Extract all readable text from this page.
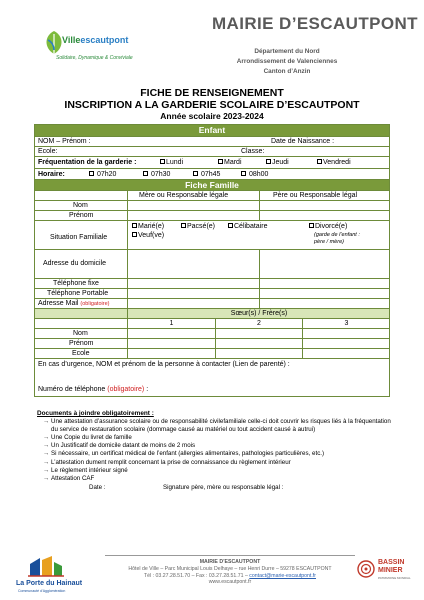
Villeescautpont
Solidaire, Dynamique & Conviviale
MAIRIE D’ESCAUTPONT
Département du Nord
Arrondissement de Valenciennes
Canton d’Anzin
FICHE DE RENSEIGNEMENT
INSCRIPTION A LA GARDERIE SCOLAIRE D’ESCAUTPONT
Année scolaire 2023-2024
Enfant
NOM – Prénom :	Date de Naissance :
Ecole:	Classe:
Fréquentation de la garderie :	Lundi	Mardi	Jeudi	Vendredi
Horaire:	07h20	07h30	07h45	08h00
Fiche Famille
Mère ou Responsable légale	Père ou Responsable légal
Nom
Prénom
Situation Familiale
Marié(e)	Pacsé(e)	Célibataire	Divorcé(e)
Veuf(ve)	(garde de l’enfant :
père / mère)
Adresse du domicile
Téléphone fixe
Téléphone Portable
Adresse Mail (obligatoire)
Sœur(s) / Frère(s)
1	2	3
Nom
Prénom
Ecole
En cas d’urgence, NOM et prénom de la personne à contacter (Lien de parenté) :
Numéro de téléphone (obligatoire) :
Documents à joindre obligatoirement :
→ Une attestation d’assurance scolaire ou de responsabilité civilefamiliale celle-ci doit couvrir les risques liés à la fréquentation du service de restauration scolaire (dommage causé au matériel ou tout accident causé à autrui)
→ Une Copie du livret de famille
→ Un Justificatif de domicile datant de moins de 2 mois
→ Si nécessaire, un certificat médical de l’enfant (allergies alimentaires, pathologies particulières, etc.)
→ L’attestation dument remplit concernant la prise de connaissance du règlement intérieur
→ Le règlement intérieur signé
→ Attestation CAF
Date :	Signature père, mère ou responsable légal :
La Porte du Hainaut
Communauté d’Agglomération
MAIRIE D’ESCAUTPONT
Hôtel de Ville – Parc Municipal Louis Delhaye – rue Henri Durre – 59278 ESCAUTPONT
Tél : 03.27.28.51.70 – Fax : 03.27.28.51.71 – contact@marie-escautpont.fr
www.escautpont.fr
BASSIN
MINIER
PATRIMOINE MONDIAL
